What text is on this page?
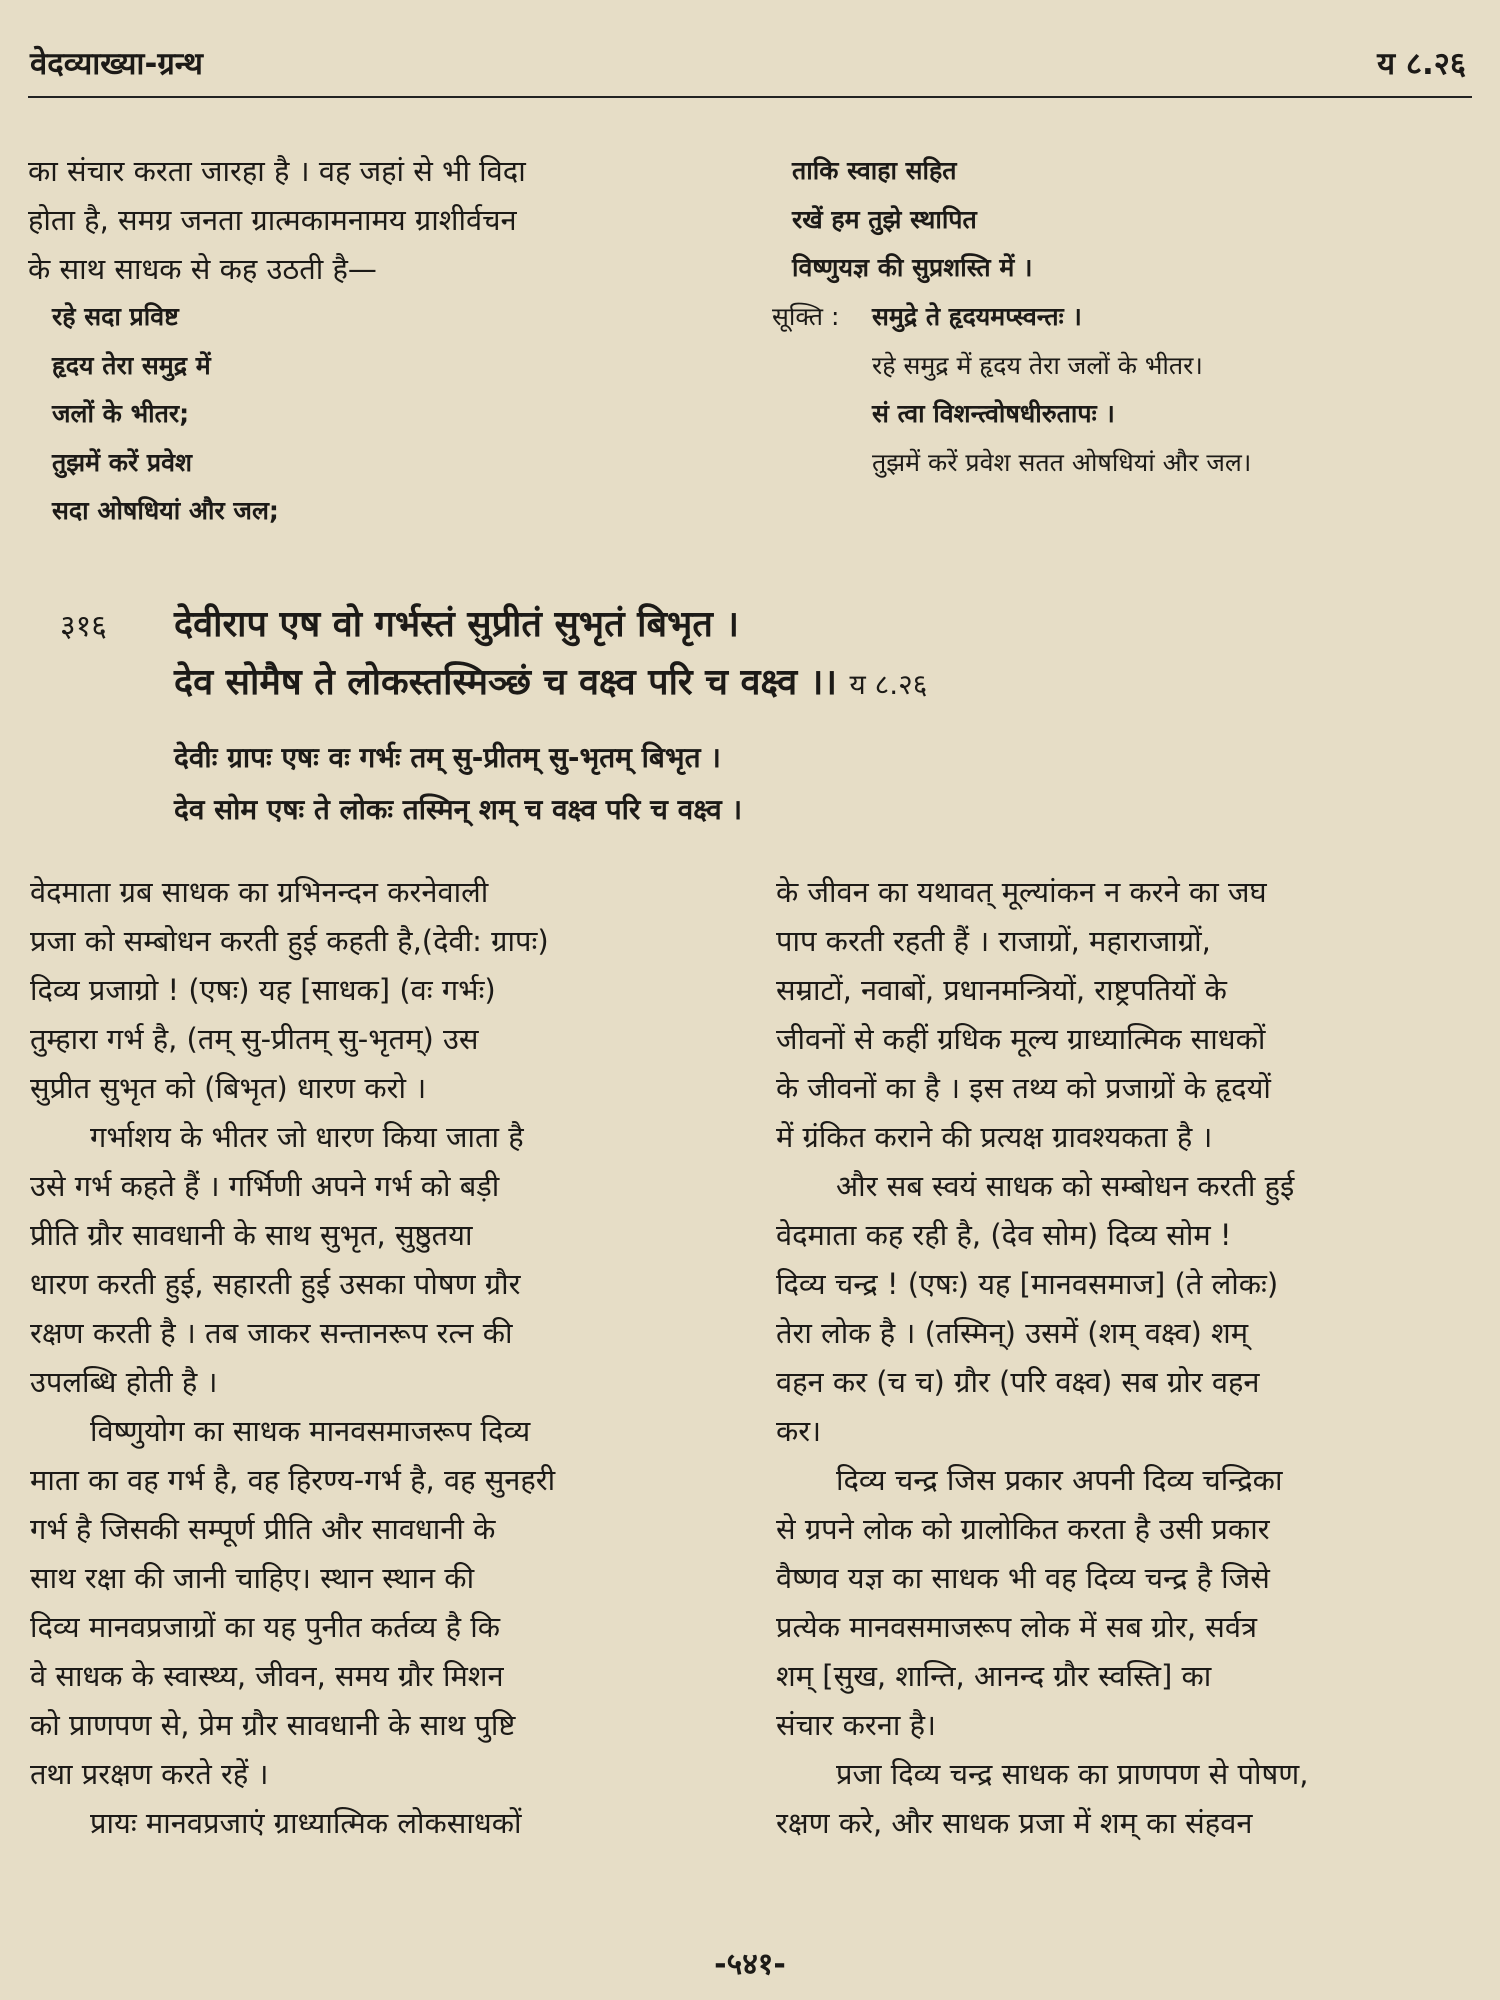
वेदव्याख्या-ग्रन्थ	य ८.२६

का संचार करता जारहा है । वह जहां से भी विदा

होता है, समग्र जनता ग्रात्मकामनामय ग्राशीर्वचन

के साथ साधक से कह उठती है—

रहे सदा प्रविष्ट
हृदय तेरा समुद्र में
जलों के भीतर;
तुझमें करें प्रवेश
सदा ओषधियां और जल;
ताकि स्वाहा सहित
रखें हम तुझे स्थापित
विष्णुयज्ञ की सुप्रशस्ति में ।
सूक्ति : समुद्रे ते हृदयमप्स्वन्तः ।
रहे समुद्र में हृदय तेरा जलों के भीतर।
सं त्वा विशन्त्वोषधीरुतापः ।
तुझमें करें प्रवेश सतत ओषधियां और जल।
३१६ देवीराप एष वो गर्भस्तं सुप्रीतं सुभृतं बिभृत ।
देव सोमैष ते लोकस्तस्मिञ्छं च वक्ष्व परि च वक्ष्व ।। य ८.२६
देवीः ग्रापः एषः वः गर्भः तम् सु-प्रीतम् सु-भृतम् बिभृत ।
देव सोम एषः ते लोकः तस्मिन् शम् च वक्ष्व परि च वक्ष्व ।

वेदमाता ग्रब साधक का ग्रभिनन्दन करनेवाली

प्रजा को सम्बोधन करती हुई कहती है,(देवी: ग्रापः)

दिव्य प्रजाग्रो ! (एषः) यह [साधक] (वः गर्भः)

तुम्हारा गर्भ है, (तम् सु-प्रीतम् सु-भृतम्) उस

सुप्रीत सुभृत को (बिभृत) धारण करो ।

गर्भाशय के भीतर जो धारण किया जाता है

उसे गर्भ कहते हैं । गर्भिणी अपने गर्भ को बड़ी

प्रीति ग्रौर सावधानी के साथ सुभृत, सुष्ठुतया

धारण करती हुई, सहारती हुई उसका पोषण ग्रौर

रक्षण करती है । तब जाकर सन्तानरूप रत्न की

उपलब्धि होती है ।

विष्णुयोग का साधक मानवसमाजरूप दिव्य

माता का वह गर्भ है, वह हिरण्य-गर्भ है, वह सुनहरी

गर्भ है जिसकी सम्पूर्ण प्रीति और सावधानी के

साथ रक्षा की जानी चाहिए। स्थान स्थान की

दिव्य मानवप्रजाग्रों का यह पुनीत कर्तव्य है कि

वे साधक के स्वास्थ्य, जीवन, समय ग्रौर मिशन

को प्राणपण से, प्रेम ग्रौर सावधानी के साथ पुष्टि

तथा प्ररक्षण करते रहें ।

प्रायः मानवप्रजाएं ग्राध्यात्मिक लोकसाधकों

के जीवन का यथावत् मूल्यांकन न करने का जघ

पाप करती रहती हैं । राजाग्रों, महाराजाग्रों,

सम्राटों, नवाबों, प्रधानमन्त्रियों, राष्ट्रपतियों के

जीवनों से कहीं ग्रधिक मूल्य ग्राध्यात्मिक साधकों

के जीवनों का है । इस तथ्य को प्रजाग्रों के हृदयों

में ग्रंकित कराने की प्रत्यक्ष ग्रावश्यकता है ।

और सब स्वयं साधक को सम्बोधन करती हुई

वेदमाता कह रही है, (देव सोम) दिव्य सोम !

दिव्य चन्द्र ! (एषः) यह [मानवसमाज] (ते लोकः)

तेरा लोक है । (तस्मिन्) उसमें (शम् वक्ष्व) शम्

वहन कर (च च) ग्रौर (परि वक्ष्व) सब ग्रोर वहन

कर।

दिव्य चन्द्र जिस प्रकार अपनी दिव्य चन्द्रिका

से ग्रपने लोक को ग्रालोकित करता है उसी प्रकार

वैष्णव यज्ञ का साधक भी वह दिव्य चन्द्र है जिसे

प्रत्येक मानवसमाजरूप लोक में सब ग्रोर, सर्वत्र

शम् [सुख, शान्ति, आनन्द ग्रौर स्वस्ति] का

संचार करना है।

प्रजा दिव्य चन्द्र साधक का प्राणपण से पोषण,

रक्षण करे, और साधक प्रजा में शम् का संहवन

-५४१-
